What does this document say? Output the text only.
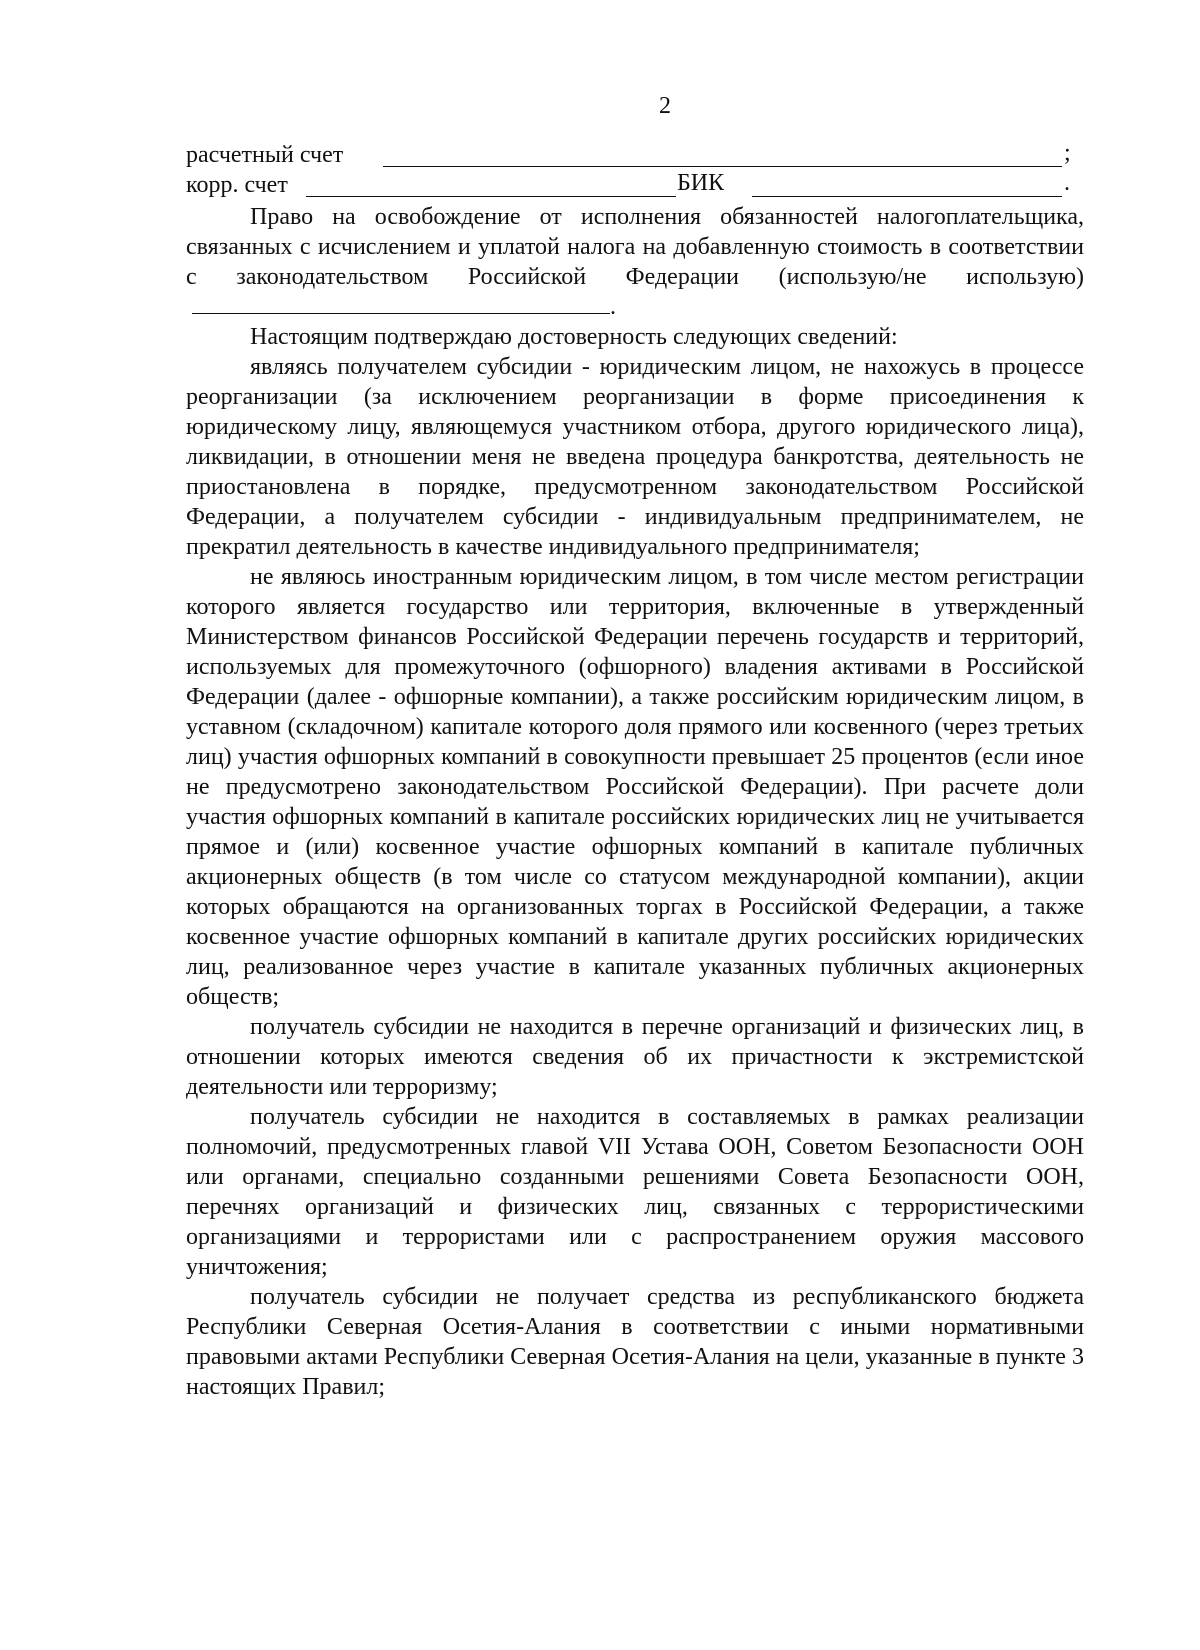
2
расчетный счет	;
корр. счет	БИК	.

Право на освобождение от исполнения обязанностей налогоплательщика, связанных с исчислением и уплатой налога на добавленную стоимость в соответствии с законодательством Российской Федерации (использую/не использую).

Настоящим подтверждаю достоверность следующих сведений:

являясь получателем субсидии - юридическим лицом, не нахожусь в процессе реорганизации (за исключением реорганизации в форме присоединения к юридическому лицу, являющемуся участником отбора, другого юридического лица), ликвидации, в отношении меня не введена процедура банкротства, деятельность не приостановлена в порядке, предусмотренном законодательством Российской Федерации, а получателем субсидии - индивидуальным предпринимателем, не прекратил деятельность в качестве индивидуального предпринимателя;

не являюсь иностранным юридическим лицом, в том числе местом регистрации которого является государство или территория, включенные в утвержденный Министерством финансов Российской Федерации перечень государств и территорий, используемых для промежуточного (офшорного) владения активами в Российской Федерации (далее - офшорные компании), а также российским юридическим лицом, в уставном (складочном) капитале которого доля прямого или косвенного (через третьих лиц) участия офшорных компаний в совокупности превышает 25 процентов (если иное не предусмотрено законодательством Российской Федерации). При расчете доли участия офшорных компаний в капитале российских юридических лиц не учитывается прямое и (или) косвенное участие офшорных компаний в капитале публичных акционерных обществ (в том числе со статусом международной компании), акции которых обращаются на организованных торгах в Российской Федерации, а также косвенное участие офшорных компаний в капитале других российских юридических лиц, реализованное через участие в капитале указанных публичных акционерных обществ;

получатель субсидии не находится в перечне организаций и физических лиц, в отношении которых имеются сведения об их причастности к экстремистской деятельности или терроризму;

получатель субсидии не находится в составляемых в рамках реализации полномочий, предусмотренных главой VII Устава ООН, Советом Безопасности ООН или органами, специально созданными решениями Совета Безопасности ООН, перечнях организаций и физических лиц, связанных с террористическими организациями и террористами или с распространением оружия массового уничтожения;

получатель субсидии не получает средства из республиканского бюджета Республики Северная Осетия-Алания в соответствии с иными нормативными правовыми актами Республики Северная Осетия-Алания на цели, указанные в пункте 3 настоящих Правил;
